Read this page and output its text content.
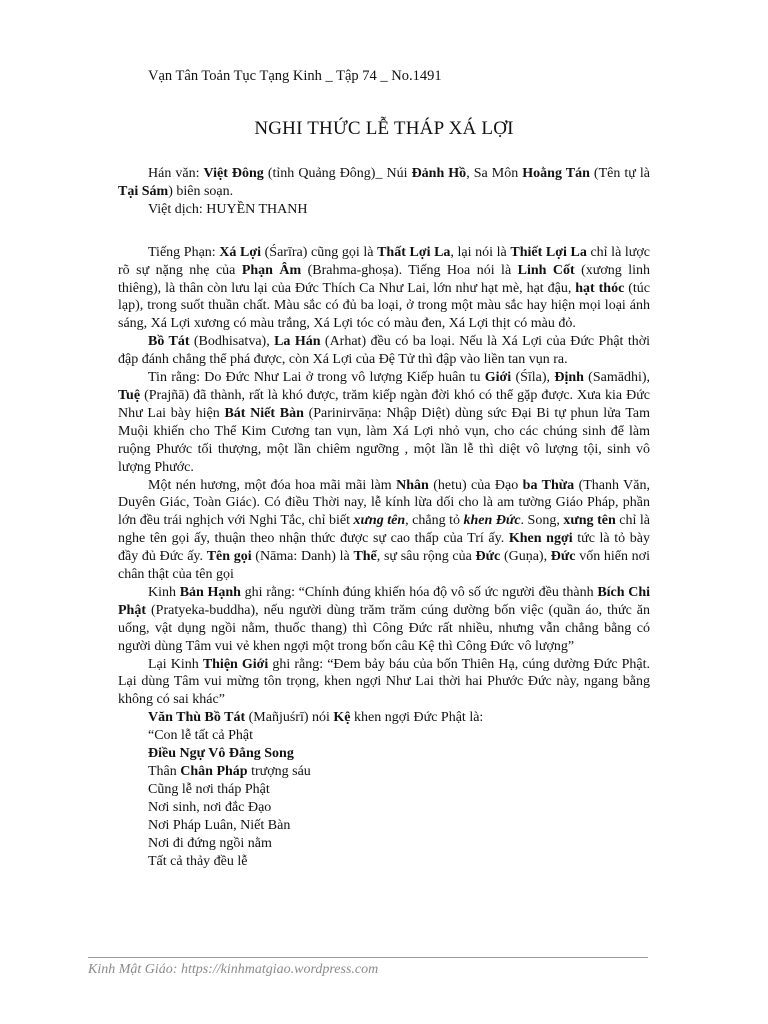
Vạn Tân Toản Tục Tạng Kinh _ Tập 74 _ No.1491
NGHI THỨC LỄ THÁP XÁ LỢI

Hán văn: Việt Đông (tỉnh Quảng Đông)_ Núi Đảnh Hồ, Sa Môn Hoằng Tán (Tên tự là Tại Sám) biên soạn.

Việt dịch: HUYỀN THANH

Tiếng Phạn: Xá Lợi (Śarīra) cũng gọi là Thất Lợi La, lại nói là Thiết Lợi La chỉ là lược rõ sự nặng nhẹ của Phạn Âm (Brahma-ghoṣa). Tiếng Hoa nói là Linh Cốt (xương linh thiêng), là thân còn lưu lại của Đức Thích Ca Như Lai, lớn như hạt mè, hạt đậu, hạt thóc (túc lạp), trong suốt thuần chất. Màu sắc có đủ ba loại, ở trong một màu sắc hay hiện mọi loại ánh sáng, Xá Lợi xương có màu trắng, Xá Lợi tóc có màu đen, Xá Lợi thịt có màu đỏ.

Bồ Tát (Bodhisatva), La Hán (Arhat) đều có ba loại. Nếu là Xá Lợi của Đức Phật thời đập đánh chẳng thể phá được, còn Xá Lợi của Đệ Tử thì đập vào liền tan vụn ra.

Tin rằng: Do Đức Như Lai ở trong vô lượng Kiếp huân tu Giới (Śīla), Định (Samādhi), Tuệ (Prajñā) đã thành, rất là khó được, trăm kiếp ngàn đời khó có thể gặp được. Xưa kia Đức Như Lai bày hiện Bát Niết Bàn (Parinirvāṇa: Nhập Diệt) dùng sức Đại Bi tự phun lửa Tam Muội khiến cho Thể Kim Cương tan vụn, làm Xá Lợi nhỏ vụn, cho các chúng sinh để làm ruộng Phước tối thượng, một lần chiêm ngưỡng , một lần lễ thì diệt vô lượng tội, sinh vô lượng Phước.

Một nén hương, một đóa hoa mãi mãi làm Nhân (hetu) của Đạo ba Thừa (Thanh Văn, Duyên Giác, Toàn Giác). Có điều Thời nay, lễ kính lừa dối cho là am tường Giáo Pháp, phần lớn đều trái nghịch với Nghi Tắc, chỉ biết xưng tên, chẳng tỏ khen Đức. Song, xưng tên chỉ là nghe tên gọi ấy, thuận theo nhận thức được sự cao thấp của Trí ấy. Khen ngợi tức là tỏ bày đầy đủ Đức ấy. Tên gọi (Nāma: Danh) là Thể, sự sâu rộng của Đức (Guṇa), Đức vốn hiển nơi chân thật của tên gọi

Kinh Bản Hạnh ghi rằng: “Chính đúng khiến hóa độ vô số ức người đều thành Bích Chi Phật (Pratyeka-buddha), nếu người dùng trăm trăm cúng dường bốn việc (quần áo, thức ăn uống, vật dụng ngồi nằm, thuốc thang) thì Công Đức rất nhiều, nhưng vẫn chẳng bằng có người dùng Tâm vui vẻ khen ngợi một trong bốn câu Kệ thì Công Đức vô lượng”

Lại Kinh Thiện Giới ghi rằng: “Đem bảy báu của bốn Thiên Hạ, cúng dường Đức Phật. Lại dùng Tâm vui mừng tôn trọng, khen ngợi Như Lai thời hai Phước Đức này, ngang bằng không có sai khác”

Văn Thù Bồ Tát (Mañjuśrī) nói Kệ khen ngợi Đức Phật là:

“Con lễ tất cả Phật
Điều Ngự Vô Đẳng Song
Thân Chân Pháp trượng sáu
Cũng lễ nơi tháp Phật
Nơi sinh, nơi đắc Đạo
Nơi Pháp Luân, Niết Bàn
Nơi đi đứng ngồi nằm
Tất cả thảy đều lễ
Kinh Mật Giáo: https://kinhmatgiao.wordpress.com
